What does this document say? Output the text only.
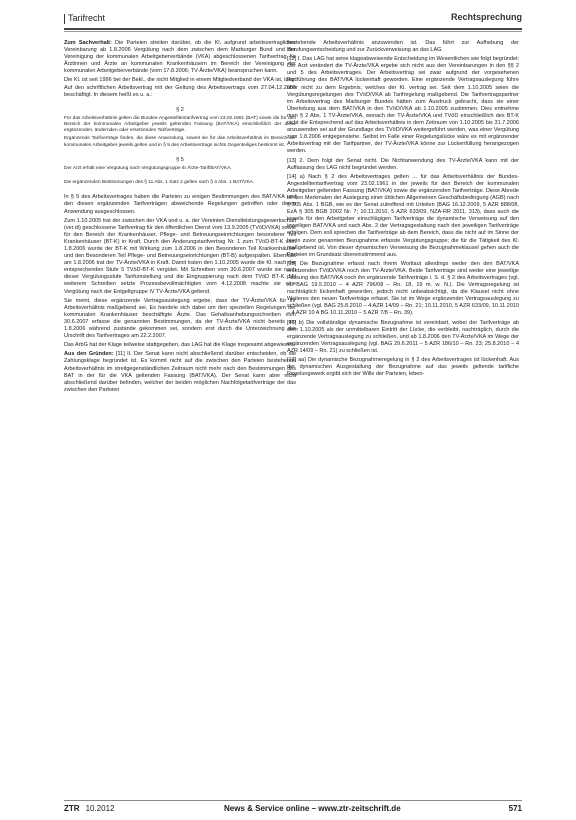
Tarifrecht	Rechtsprechung

Zum Sachverhalt: Die Parteien streiten darüber, ob die Kl. aufgrund arbeitsvertraglicher Vereinbarung ab 1.8.2006 Vergütung nach dem zwischen dem Marburger Bund und der Vereinigung der kommunalen Arbeitgeberverbände (VKA) abgeschlossenen Tarifvertrag für Ärztinnen und Ärzte an kommunalen Krankenhäusern im Bereich der Vereinigung der kommunalen Arbeitgeberverbände (vom 17.8.2006; TV-Ärzte/VKA) beanspruchen kann.

Die Kl. ist seit 1996 bei der Bekl., die nicht Mitglied in einem Mitgliedverband der VKA ist, tätig. Auf den schriftlichen Arbeitsvertrag mit der Geltung des Arbeitsvertrags vom 27.04.12.2005 beschäftigt. In diesem heißt es u. a.:

§ 2

Für das Arbeitsverhältnis gelten die Bundes-Angestelltentarifvertrag vom 23.02.1961 (BAT) sowie die für den Bereich der kommunalen Arbeitgeber jeweils geltenden Fassung (BAT/VKA) einschließlich der diese ergänzenden, ändernden oder ersetzenden Tarifverträge.

Ergänzende Tarifverträge finden, die diese Anwendung, soweit sie für das Arbeitsverhältnis im Bereich der kommunalen Arbeitgeber jeweils gelten und in § 5 des Arbeitsvertrags nichts Gegenteiliges bestimmt ist.

§ 5

Der Arzt erhält eine Vergütung nach Vergütungsgruppe Ib Ärzte-Tarif/BAT/VKA.

Die ergänzenden Bestimmungen des § 11 Abs. 1 Satz 2 gelten nach § 3 Abs. 1 BAT/VKA.

In § 5 des Arbeitsvertrages haben die Parteien zu einigen Bestimmungen des BAT/VKA und den diesen ergänzenden Tarifverträgen abweichende Regelungen getroffen oder deren Anwendung ausgeschlossen.

Zum 1.10.2005 trat der zwischen der VKA und u. a. der Vereinten Dienstleistungsgewerkschaft (ver.di) geschlossene Tarifvertrag für den öffentlichen Dienst vom 13.9.2005 (TVöD/VKA) sowie für den Bereich der Krankenhäuser, Pflege- und Betreuungseinrichtungen besonderer Teil Krankenhäuser (BT-K) in Kraft. Durch den Änderungstarifvertrag Nr. 1 zum TVöD-BT-K vom 1.8.2006 wurde der BT-K mit Wirkung zum 1.8.2006 in den Besonderen Teil Krankenhäuser und den Besonderen Teil Pflege- und Betreuungseinrichtungen (BT-B) aufgespalten. Ebenfalls am 1.8.2006 trat der TV-Ärzte/VKA in Kraft. Damit traten den 1.10.2005 wurde die Kl. nach der entsprechenden Stufe 5 TVöD-BT-K vergütet. Mit Schreiben vom 30.6.2007 wurde sie nach dieser Vergütungsstufe Tarifumstellung und die Eingruppierung nach dem TVöD BT-K. Mit weiterem Schreiben setzte Prozessbevollmächtigten vom 4.12.2008 machte sie eine Vergütung nach der Entgeltgruppe IV TV-Ärzte/VKA geltend.

Sie meint, diese ergänzende Vertragsauslegung ergebe, dass der TV-Ärzte/VKA für ihr Arbeitsverhältnis maßgebend sei. Es handele sich dabei um den speziellen Regelungen der kommunalen Krankenhäuser beschäftigte Ärzte. Das Gehaltsanhebungsschreiben vom 30.6.2007 erfasse die genannten Bestimmungen, da der TV-Ärzte/VKA nicht bereits am 1.8.2006 während zustande gekommen sei, sondern erst durch die Unterzeichnung der Urschrift des Tarifvertrages am 22.2.2007.

Das ArbG hat der Klage teilweise stattgegeben, das LAG hat die Klage insgesamt abgewiesen.

Aus den Gründen: [11] II. Der Senat kann nicht abschließend darüber entscheiden, ob die Zahlungsklage begründet ist. Es kommt nicht auf die zwischen den Parteien bestehende Arbeitsverhältnis im streitgegenständlichen Zeitraum nicht mehr nach den Bestimmungen des BAT in der für die VKA geltenden Fassung (BAT/VKA). Der Senat kann aber nicht abschließend darüber befinden, welcher der beiden möglichen Nachfolgetarifverträge der das zwischen den Parteien

bestehende Arbeitsverhältnis anzuwenden ist. Das führt zur Aufhebung der Berufungsentscheidung und zur Zurückverweisung an das LAG.

[12] I. Das LAG hat seine klageabweisende Entscheidung im Wesentlichen wie folgt begründet: Der Arzt verändert die TV-Ärzte/VKA ergebe sich nicht aus den Vereinbarungen in den §§ 2 und 5 des Arbeitsvertrages. Der Arbeitsvertrag sei zwar aufgrund der vorgesehenen Fortführung des BAT/VKA lückenhaft geworden. Eine ergänzende Vertragsauslegung führe aber nicht zu dem Ergebnis, welches der Kl. vertrag sei. Seit dem 1.10.2005 seien die Vergütungsregelungen des TVöD/VKA ab Tarifregelung maßgebend. Die Tarifvertragspartner im Arbeitsvertrag des Marburger Bundes hätten zum Ausdruck gebracht, dass sie einer Überleitung aus dem BAT/VKA in den TVöD/VKA ab 1.10.2005 zustimmen. Dies entnehme man § 2 Abs. 1 TV-Ärzte/VKA, wonach der TV-Ärzte/VKA und TVöD einschließlich des BT-K nicht die Entsprechend auf das Arbeitsverhältnis in dem Zeitraum von 1.10.2005 bis 31.7.2006 anzuwenden sei auf der Grundlage des TVöD/VKA weitergeführt werden, was einer Vergütung zum 1.8.2006 entgegenstehe. Selbst im Falle einer Regelungslücke wäre es mit ergänzender Arbeitsvertrag mit der Tarifpartner, der TV-Ärzte/VKA könne zur Lückenfüllung herangezogen werden.

[13] 2. Dem folgt der Senat nicht. Die Nichtanwendung des TV-Ärzte/VKA kann mit der Auffassung des LAG nicht begründet werden.

[14] a) Nach § 2 des Arbeitsvertrages gelten ... für das Arbeitsverhältnis der Bundes-Angestelltentarifvertrag vom 23.02.1961 in der jeweils für den Bereich der kommunalen Arbeitgeber geltenden Fassung (BAT/VKA) sowie die ergänzenden Tarifverträge. Diese Abrede ist den Merkmalen der Auslegung einer üblichen Allgemeinen Geschäftsbedingung (AGB) nach § 305 Abs. 1 BGB, wie es der Senat zutreffend mit Urteilen (BAG 16.12.2009, 5 AZR 888/08, EzA § 305 BGB 2002 Nr. 7; 10.11.2010, 5 AZR 633/09, NZA-RR 2011, 313), dass auch die jeweils für den Arbeitgeber einschlägigen Tarifverträge die dynamische Verweisung auf den jeweiligen BAT/VKA und nach Abs. 2 der Vertragsgestaltung nach den jeweiligen Tarifverträge erfolgen. Dem soll sprechen die Tarifverträge ab dem Bereich, dass die nicht auf im Sinne der hierin zuvor genannten Bezugnahme erfasste Vergütungsgruppe; die für die Tätigkeit des Kl. maßgebend ist. Von dieser dynamischen Verweisung die Bezugnahmeklausel gehen auch die Parteien im Grundsatz übereinstimmend aus.

[15] Die Bezugnahme erfasst nach ihrem Wortlaut allerdings weder den den BAT/VKA ersetzenden TVöD/VKA noch den TV-Ärzte/VKA. Beide Tarifverträge sind weder eine jeweilige Fassung des BAT/VKA noch ihn ergänzende Tarifverträge i. S. d. § 2 des Arbeitsvertrages (vgl. zu BAG 19.5.2010 – 4 AZR 796/08 – Rn. 18, 19 m. w. N.). Die Vertragsregelung ist nachträglich lückenhaft geworden, jedoch nicht unbeabsichtigt, da die Klausel nicht ohne Weiteres den neuen Tarifverträge erfasst. Sie ist im Wege ergänzender Vertragsauslegung zu schließen (vgl. BAG 25.8.2010 – 4 AZR 14/09 – Rn. 21; 10.11.2010, 5 AZR 633/09, 10.11.2010 – 4 AZR 10 A BG 10.11.2010 – 5 AZR 7/8 – Rn. 39).

[16] b) Die vollständige dynamische Bezugnahme ist vereinbart, wobei der Tarifverträge ab dem 1.10.2005 als der unmittelbaren Eintritt der Lücke, die verbleibt, nachträglich, durch die ergänzende Vertragsauslegung zu schließen, und ab 1.8.2006 den TV-Ärzte/VKA im Wege der ergänzenden Vertragsauslegung (vgl. BAG 29.6.2011 – 5 AZR 186/10 – Rn. 23; 25.8.2010 – 4 AZR 14/09 – Rn. 21) zu schließen ist.

[17] aa) Die dynamische Bezugnahmeregelung in § 2 des Arbeitsvertrages ist lückenhaft. Aus der dynamischen Ausgestaltung der Bezugnahme auf das jeweils geltende tarifliche Regelungswerk ergibt sich der Wille der Parteien, leben-

ZTR 10.2012	News & Service online – www.ztr-zeitschrift.de	571
